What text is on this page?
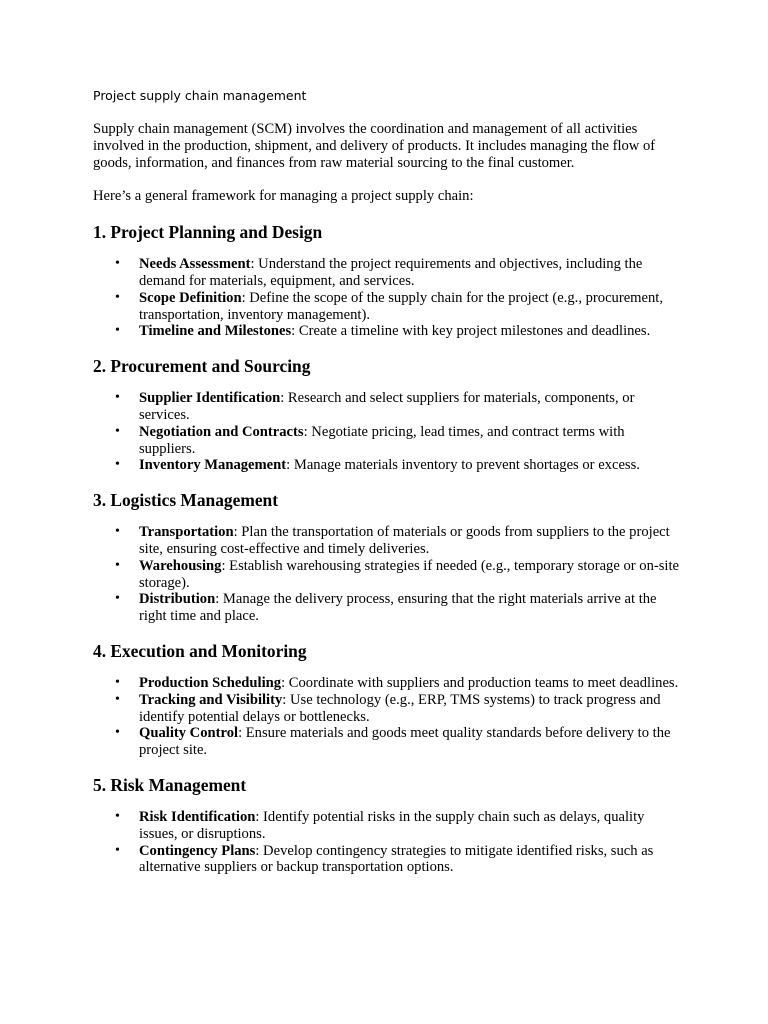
Project supply chain management

Supply chain management (SCM) involves the coordination and management of all activities involved in the production, shipment, and delivery of products. It includes managing the flow of goods, information, and finances from raw material sourcing to the final customer.

Here’s a general framework for managing a project supply chain:

1. Project Planning and Design
• Needs Assessment: Understand the project requirements and objectives, including the demand for materials, equipment, and services.
• Scope Definition: Define the scope of the supply chain for the project (e.g., procurement, transportation, inventory management).
• Timeline and Milestones: Create a timeline with key project milestones and deadlines.
2. Procurement and Sourcing
• Supplier Identification: Research and select suppliers for materials, components, or services.
• Negotiation and Contracts: Negotiate pricing, lead times, and contract terms with suppliers.
• Inventory Management: Manage materials inventory to prevent shortages or excess.
3. Logistics Management
• Transportation: Plan the transportation of materials or goods from suppliers to the project site, ensuring cost-effective and timely deliveries.
• Warehousing: Establish warehousing strategies if needed (e.g., temporary storage or on-site storage).
• Distribution: Manage the delivery process, ensuring that the right materials arrive at the right time and place.
4. Execution and Monitoring
• Production Scheduling: Coordinate with suppliers and production teams to meet deadlines.
• Tracking and Visibility: Use technology (e.g., ERP, TMS systems) to track progress and identify potential delays or bottlenecks.
• Quality Control: Ensure materials and goods meet quality standards before delivery to the project site.
5. Risk Management
• Risk Identification: Identify potential risks in the supply chain such as delays, quality issues, or disruptions.
• Contingency Plans: Develop contingency strategies to mitigate identified risks, such as alternative suppliers or backup transportation options.
